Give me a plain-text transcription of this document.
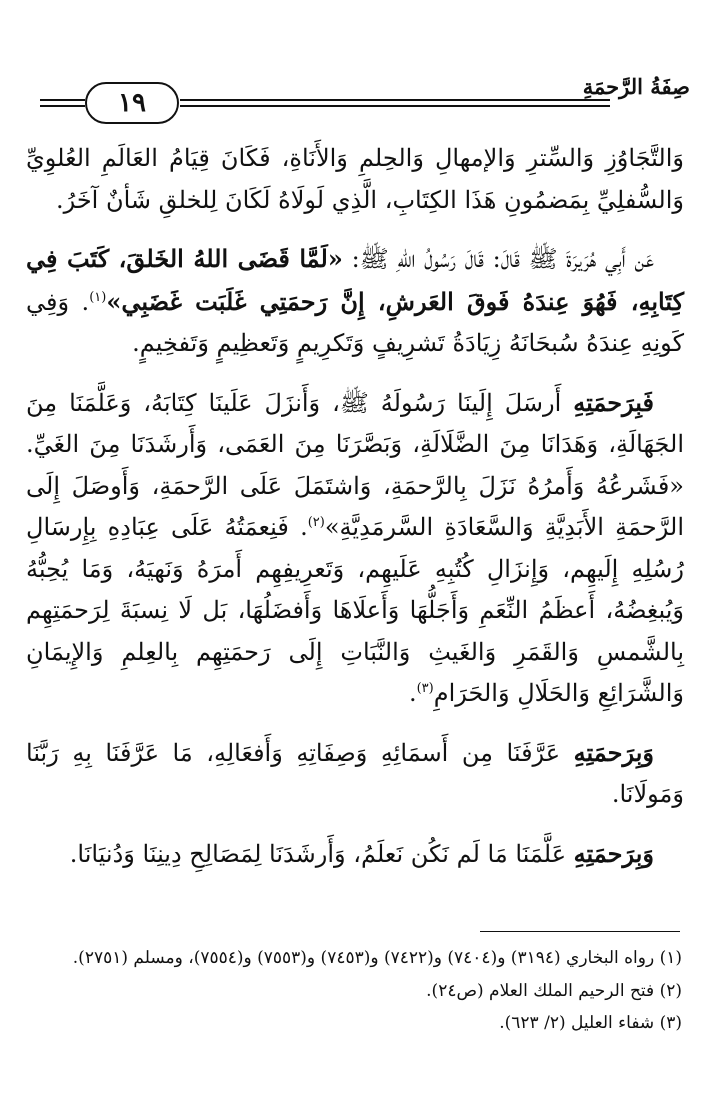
١٩
صِفَةُ الرَّحمَةِ

وَالتَّجَاوُزِ وَالسِّترِ وَالإمهالِ وَالحِلمِ وَالأَنَاةِ، فَكَانَ قِيَامُ العَالَمِ العُلوِيِّ وَالسُّفلِيِّ بِمَضمُونِ هَذَا الكِتَابِ، الَّذِي لَولَاهُ لَكَانَ لِلخلقِ شَأنٌ آخَرُ.

عَن أَبِي هُرَيرَةَ ﷺ قَالَ: قَالَ رَسُولُ اللهِ ﷺ: «لَمَّا قَضَى اللهُ الخَلقَ، كَتَبَ فِي كِتَابِهِ، فَهُوَ عِندَهُ فَوقَ العَرشِ، إِنَّ رَحمَتِي غَلَبَت غَضَبِي»$^{(١)}$. وَفِي كَونِهِ عِندَهُ سُبحَانَهُ زِيَادَةُ تَشرِيفٍ وَتَكرِيمٍ وَتَعظِيمٍ وَتَفخِيمٍ.

فَبِرَحمَتِهِ أَرسَلَ إِلَينَا رَسُولَهُ ﷺ، وَأَنزَلَ عَلَينَا كِتَابَهُ، وَعَلَّمَنَا مِنَ الجَهَالَةِ، وَهَدَانَا مِنَ الضَّلَالَةِ، وَبَصَّرَنَا مِنَ العَمَى، وَأَرشَدَنَا مِنَ الغَيِّ. «فَشَرعُهُ وَأَمرُهُ نَزَلَ بِالرَّحمَةِ، وَاشتَمَلَ عَلَى الرَّحمَةِ، وَأَوصَلَ إِلَى الرَّحمَةِ الأَبَدِيَّةِ وَالسَّعَادَةِ السَّرمَدِيَّةِ»$^{(٢)}$. فَنِعمَتُهُ عَلَى عِبَادِهِ بِإِرسَالِ رُسُلِهِ إِلَيهِم، وَإِنزَالِ كُتُبِهِ عَلَيهِم، وَتَعرِيفِهِم أَمرَهُ وَنَهيَهُ، وَمَا يُحِبُّهُ وَيُبغِضُهُ، أَعظَمُ النِّعَمِ وَأَجَلُّهَا وَأَعلَاهَا وَأَفضَلُهَا، بَل لَا نِسبَةَ لِرَحمَتِهِم بِالشَّمسِ وَالقَمَرِ وَالغَيثِ وَالنَّبَاتِ إِلَى رَحمَتِهِم بِالعِلمِ وَالإِيمَانِ وَالشَّرَائِعِ وَالحَلَالِ وَالحَرَامِ$^{(٣)}$.

وَبِرَحمَتِهِ عَرَّفَنَا مِن أَسمَائِهِ وَصِفَاتِهِ وَأَفعَالِهِ، مَا عَرَّفَنَا بِهِ رَبَّنَا وَمَولَانَا.

وَبِرَحمَتِهِ عَلَّمَنَا مَا لَم نَكُن نَعلَمُ، وَأَرشَدَنَا لِمَصَالِحِ دِينِنَا وَدُنيَانَا.

(١) رواه البخاري (٣١٩٤) و(٧٤٠٤) و(٧٤٢٢) و(٧٤٥٣) و(٧٥٥٣) و(٧٥٥٤)، ومسلم (٢٧٥١).
(٢) فتح الرحيم الملك العلام (ص٢٤).
(٣) شفاء العليل (٢/ ٦٢٣).
